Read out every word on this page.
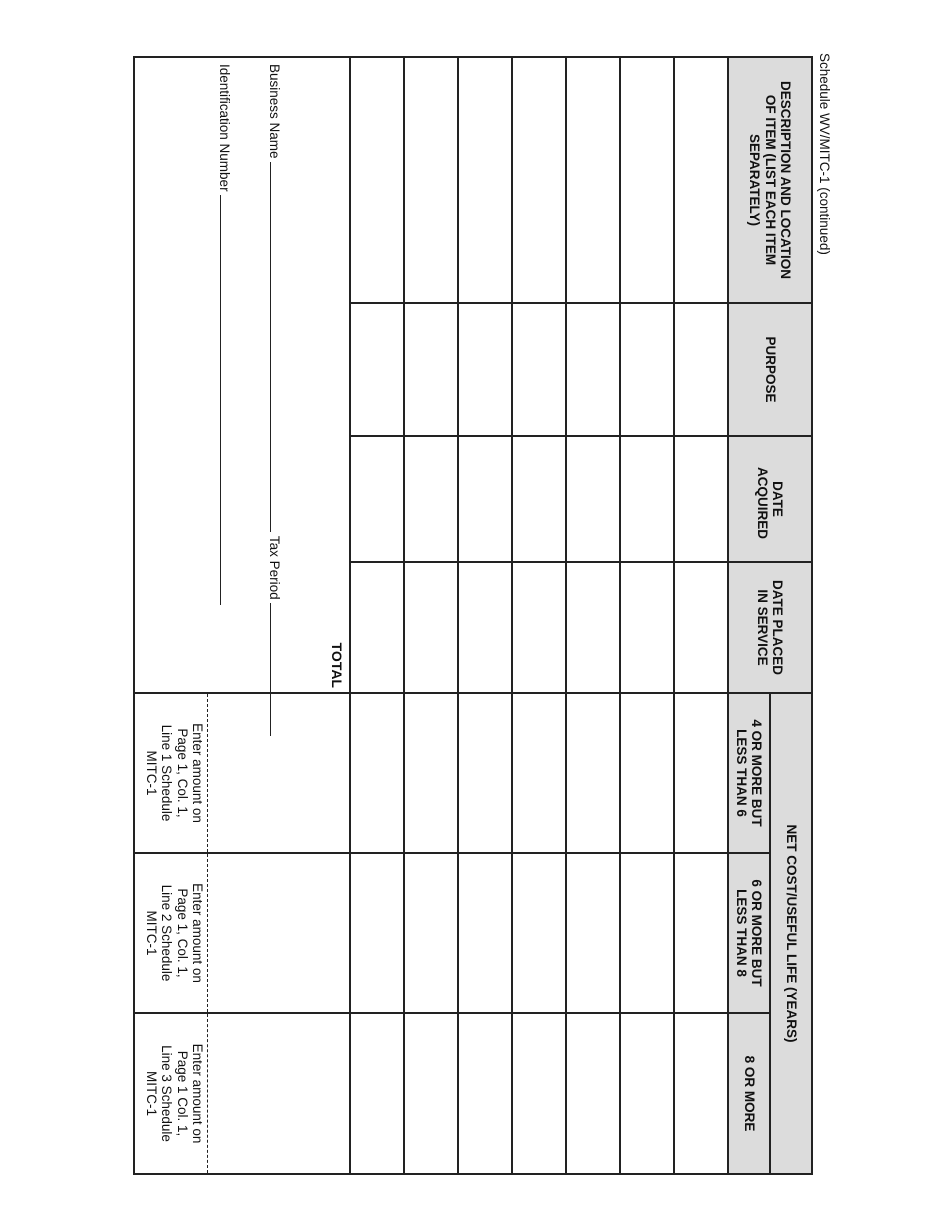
Schedule WV/MITC-1 (continued)
DESCRIPTION AND LOCATION OF ITEM (LIST EACH ITEM SEPARATELY)	PURPOSE	DATE ACQUIRED	DATE PLACED IN SERVICE	NET COST/USEFUL LIFE (YEARS)		
				4 OR MORE BUT LESS THAN 6	6 OR MORE BUT LESS THAN 8	8 OR MORE

TOTAL
Business Name  Tax Period
Identification Number				Enter amount on Page 1, Col. 1, Line 1 Schedule MITC-1	Enter amount on Page 1, Col. 1, Line 2 Schedule MITC-1	Enter amount on Page 1 Col. 1, Line 3 Schedule MITC-1
